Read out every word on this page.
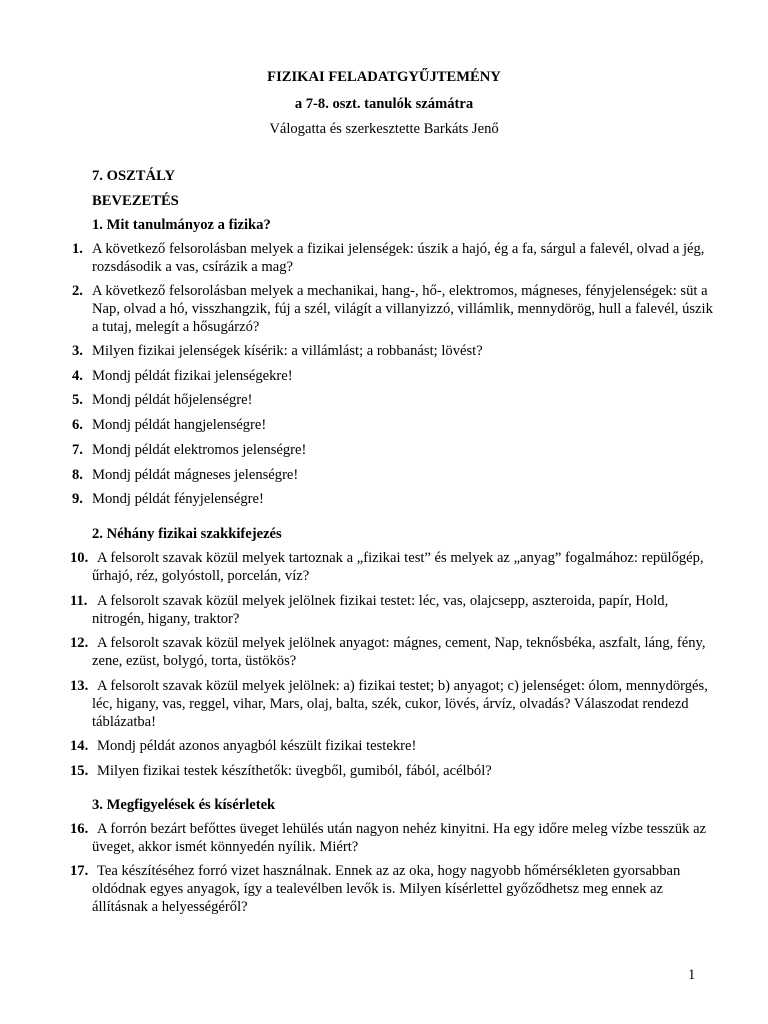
FIZIKAI FELADATGYŰJTEMÉNY
a 7-8. oszt. tanulók számátra
Válogatta és szerkesztette Barkáts Jenő
7. OSZTÁLY
BEVEZETÉS
1. Mit tanulmányoz a fizika?
1. A következő felsorolásban melyek a fizikai jelenségek: úszik a hajó, ég a fa, sárgul a falevél, olvad a jég, rozsdásodik a vas, csírázik a mag?

2. A következő felsorolásban melyek a mechanikai, hang-, hő-, elektromos, mágneses, fényjelenségek: süt a Nap, olvad a hó, visszhangzik, fúj a szél, világít a villanyizzó, villámlik, mennydörög, hull a falevél, úszik a tutaj, melegít a hősugárzó?

3. Milyen fizikai jelenségek kísérik: a villámlást; a robbanást; lövést?

4. Mondj példát fizikai jelenségekre!

5. Mondj példát hőjelenségre!

6. Mondj példát hangjelenségre!

7. Mondj példát elektromos jelenségre!

8. Mondj példát mágneses jelenségre!

9. Mondj példát fényjelenségre!

2. Néhány fizikai szakkifejezés
10. A felsorolt szavak közül melyek tartoznak a „fizikai test” és melyek az „anyag” fogalmához: repülőgép, űrhajó, réz, golyóstoll, porcelán, víz?

11. A felsorolt szavak közül melyek jelölnek fizikai testet: léc, vas, olajcsepp, aszteroida, papír, Hold, nitrogén, higany, traktor?

12. A felsorolt szavak közül melyek jelölnek anyagot: mágnes, cement, Nap, teknősbéka, aszfalt, láng, fény, zene, ezüst, bolygó, torta, üstökös?

13. A felsorolt szavak közül melyek jelölnek: a) fizikai testet; b) anyagot; c) jelenséget: ólom, mennydörgés, léc, higany, vas, reggel, vihar, Mars, olaj, balta, szék, cukor, lövés, árvíz, olvadás? Válaszodat rendezd táblázatba!

14. Mondj példát azonos anyagból készült fizikai testekre!

15. Milyen fizikai testek készíthetők: üvegből, gumiból, fából, acélból?

3. Megfigyelések és kísérletek
16. A forrón bezárt befőttes üveget lehülés után nagyon nehéz kinyitni. Ha egy időre meleg vízbe tesszük az üveget, akkor ismét könnyedén nyílik. Miért?

17. Tea készítéséhez forró vizet használnak. Ennek az az oka, hogy nagyobb hőmérsékleten gyorsabban oldódnak egyes anyagok, így a tealevélben levők is. Milyen kísérlettel győződhetsz meg ennek az állításnak a helyességéről?

1
